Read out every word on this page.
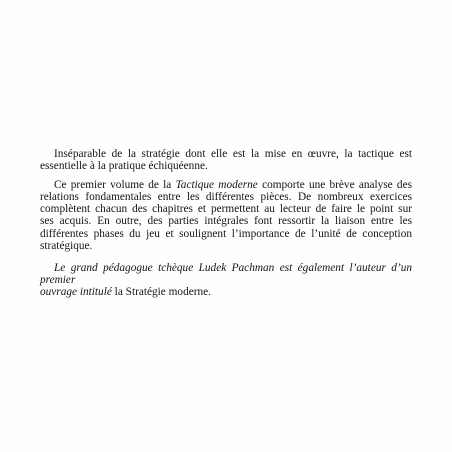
Inséparable de la stratégie dont elle est la mise en œuvre, la tactique est
essentielle à la pratique échiquéenne.

Ce premier volume de la Tactique moderne comporte une brève analyse des
relations fondamentales entre les différentes pièces. De nombreux exercices
complètent chacun des chapitres et permettent au lecteur de faire le point sur
ses acquis. En outre, des parties intégrales font ressortir la liaison entre les
différentes phases du jeu et soulignent l’importance de l’unité de conception
stratégique.

Le grand pédagogue tchèque Ludek Pachman est également l’auteur d’un premier
ouvrage intitulé la Stratégie moderne.
